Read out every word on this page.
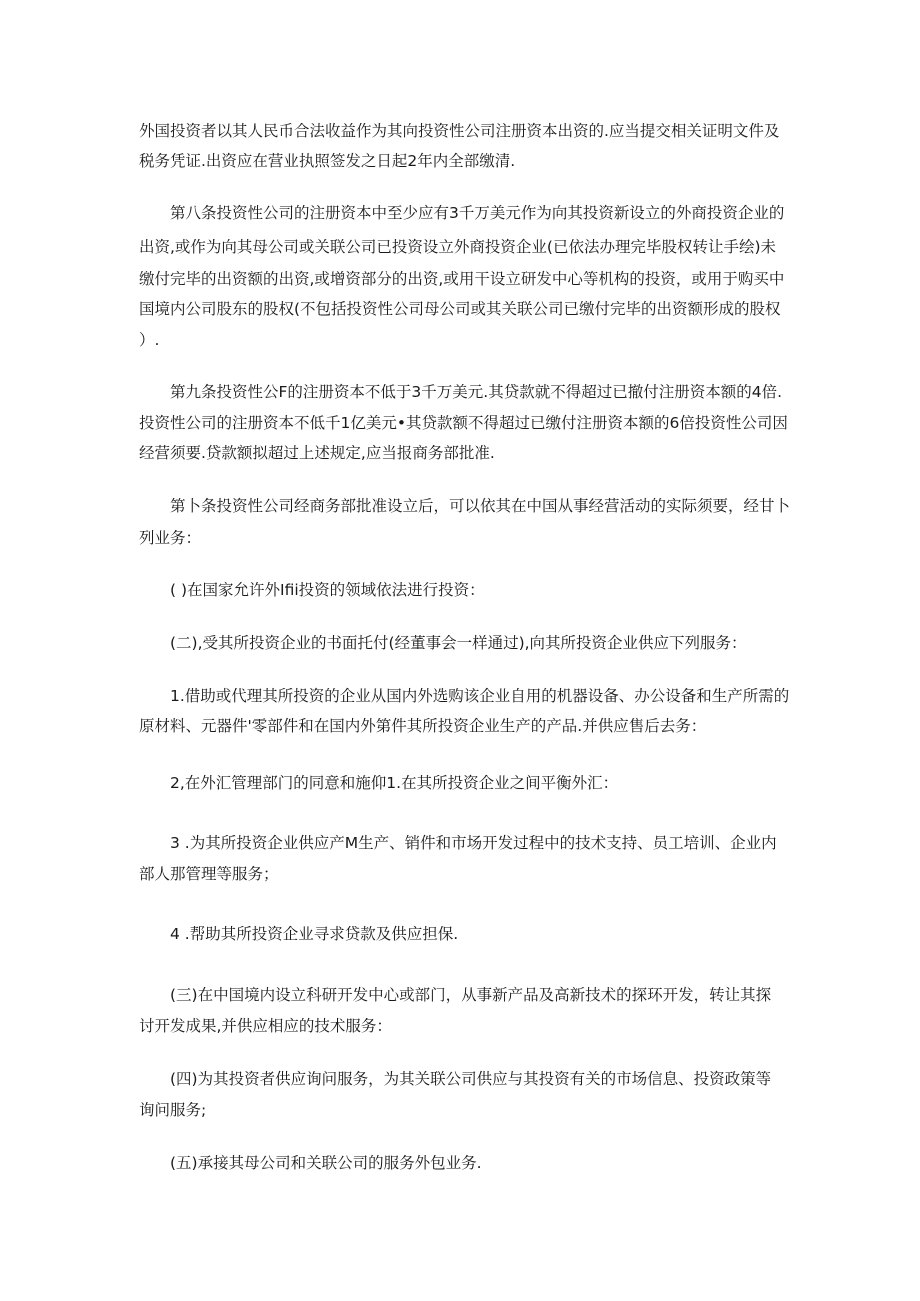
外国投资者以其人民币合法收益作为其向投资性公司注册资本出资的.应当提交相关证明文件及
税务凭证.出资应在营业执照签发之日起2年内全部缴清.
第八条投资性公司的注册资本中至少应有3千万美元作为向其投资新设立的外商投资企业的
出资,或作为向其母公司或关联公司已投资设立外商投资企业(已依法办理完毕股权转让手绘)未
缴付完毕的出资额的出资,或增资部分的出资,或用干设立研发中心等机构的投资，或用于购买中
国境内公司股东的股权(不包括投资性公司母公司或其关联公司已缴付完毕的出资额形成的股权
）.
第九条投资性公F的注册资本不低于3千万美元.其贷款就不得超过已撤付注册资本额的4倍.
投资性公司的注册资本不低千1亿美元•其贷款额不得超过已缴付注册资本额的6倍投资性公司因
经营须要.贷款额拟超过上述规定,应当报商务部批准.
第卜条投资性公司经商务部批准设立后，可以依其在中国从事经营活动的实际须要，经甘卜
列业务：
( )在国家允许外Ifii投资的领域依法进行投资：
(二),受其所投资企业的书面托付(经董事会一样通过),向其所投资企业供应下列服务：
1.借助或代理其所投资的企业从国内外选购该企业自用的机器设备、办公设备和生产所需的
原材料、元器件'零部件和在国内外第件其所投资企业生产的产品.并供应售后去务：
2,在外汇管理部门的同意和施仰1.在其所投资企业之间平衡外汇：
3 .为其所投资企业供应产M生产、销件和市场开发过程中的技术支持、员工培训、企业内
部人那管理等服务；
4 .帮助其所投资企业寻求贷款及供应担保.
(三)在中国境内设立科研开发中心或部门，从事新产品及高新技术的探环开发，转让其探
讨开发成果,并供应相应的技术服务：
(四)为其投资者供应询问服务，为其关联公司供应与其投资有关的市场信息、投资政策等
询问服务;
(五)承接其母公司和关联公司的服务外包业务.
